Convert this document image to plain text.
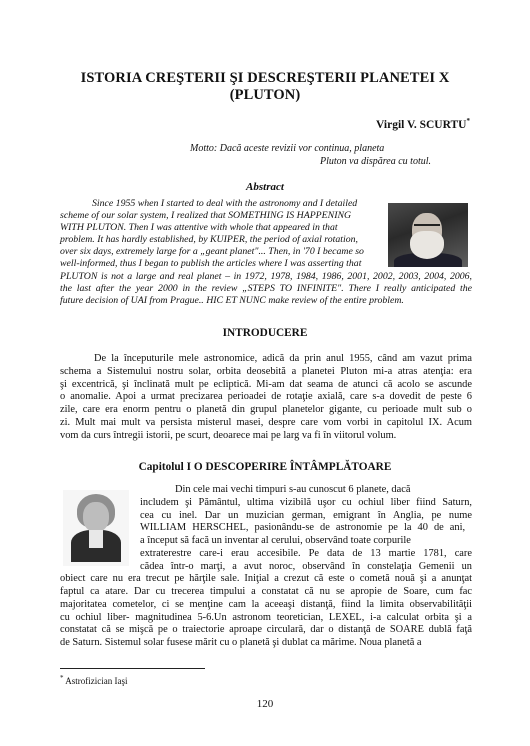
ISTORIA CREŞTERII ŞI DESCREŞTERII PLANETEI X
(PLUTON)
Virgil V. SCURTU*
Motto: Dacă aceste revizii vor continua, planeta
Pluton va dispărea cu totul.
Abstract
Since 1955 when I started to deal with the astronomy and I detailed
scheme of our solar system, I realized that SOMETHING IS HAPPENING
WITH PLUTON. Then I was attentive with whole that appeared in that
problem. It has hardly established, by KUIPER, the period of axial rotation,
over six days, extremely large for a „geant planet"... Then, in '70 I became so
well-informed, thus I began to publish the articles where I was asserting that
PLUTON is not a large and real planet – in 1972, 1978, 1984, 1986, 2001, 2002, 2003, 2004, 2006,
the last after the year 2000 in the review „STEPS TO INFINITE". There I really anticipated the
future decision of UAI from Prague.. HIC ET NUNC make review of the entire problem.
INTRODUCERE
De la începuturile mele astronomice, adică da prin anul 1955, când am vazut prima
schema a Sistemului nostru solar, orbita deosebită a planetei Pluton mi-a atras atenţia: era
şi excentrică, şi înclinată mult pe ecliptică. Mi-am dat seama de atunci că acolo se ascunde
o anomalie. Apoi a urmat precizarea perioadei de rotaţie axială, care s-a dovedit de peste 6
zile, care era enorm pentru o planetă din grupul planetelor gigante, cu perioade mult sub o
zi. Mult mai mult va persista misterul masei, despre care vom vorbi in capitolul IX. Acum
vom da curs întregii istorii, pe scurt, deoarece mai pe larg va fi în viitorul volum.
Capitolul I O DESCOPERIRE ÎNTÂMPLĂTOARE
Din cele mai vechi timpuri s-au cunoscut 6 planete, dacă
includem şi Pământul, ultima vizibilă uşor cu ochiul liber fiind Saturn,
cea cu inel. Dar un muzician german, emigrant în Anglia, pe nume
WILLIAM HERSCHEL, pasionându-se de astronomie pe la 40 de ani,
a început să facă un inventar al cerului, observând toate corpurile
extraterestre care-i erau accesibile. Pe data de 13 martie 1781, care
cădea într-o marţi, a avut noroc, observând în constelaţia Gemenii un
obiect care nu era trecut pe hărţile sale. Iniţial a crezut că este o cometă nouă şi a anunţat
faptul ca atare. Dar cu trecerea timpului a constatat că nu se apropie de Soare, cum fac
majoritatea cometelor, ci se menţine cam la aceeaşi distanţă, fiind la limita observabilităţii
cu ochiul liber- magnitudinea 5-6.Un astronom teoretician, LEXEL, i-a calculat orbita şi a
constatat că se mişcă pe o traiectorie aproape circulară, dar o distanţă de SOARE dublă faţă
de Saturn. Sistemul solar fusese mărit cu o planetă şi dublat ca mărime. Noua planetă a
* Astrofizician Iaşi
120
